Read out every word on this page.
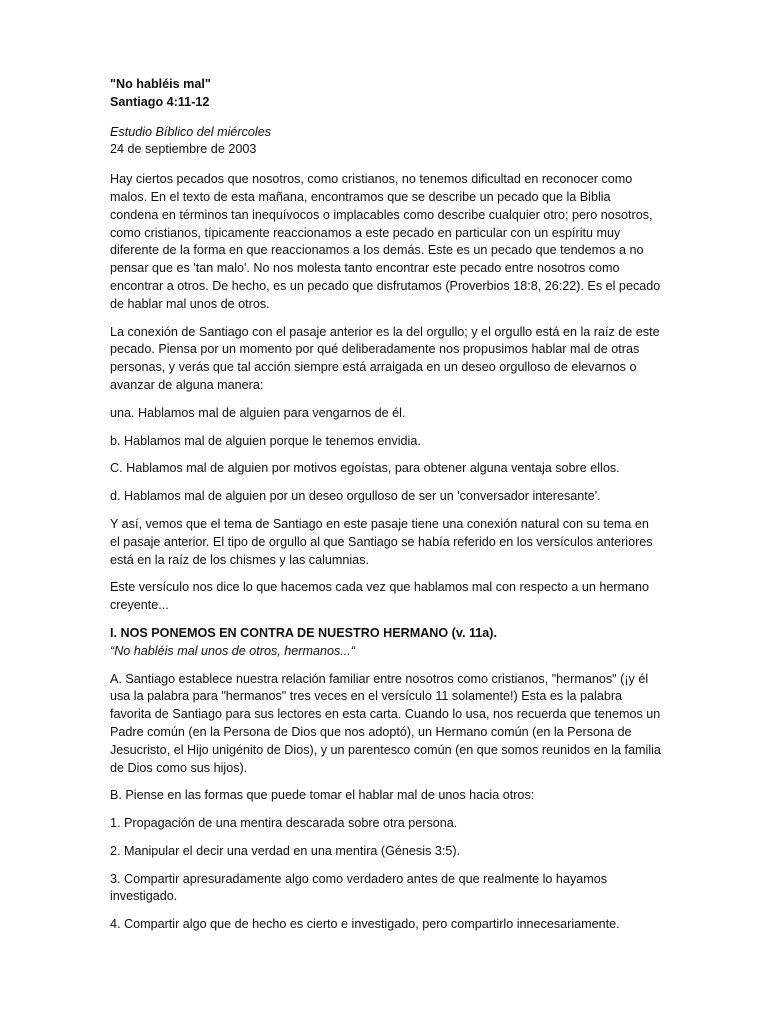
"No habléis mal"

Santiago 4:11-12

Estudio Bíblico del miércoles

24 de septiembre de 2003

Hay ciertos pecados que nosotros, como cristianos, no tenemos dificultad en reconocer como malos. En el texto de esta mañana, encontramos que se describe un pecado que la Biblia condena en términos tan inequívocos o implacables como describe cualquier otro; pero nosotros, como cristianos, típicamente reaccionamos a este pecado en particular con un espíritu muy diferente de la forma en que reaccionamos a los demás. Este es un pecado que tendemos a no pensar que es 'tan malo'. No nos molesta tanto encontrar este pecado entre nosotros como encontrar a otros. De hecho, es un pecado que disfrutamos (Proverbios 18:8, 26:22). Es el pecado de hablar mal unos de otros.

La conexión de Santiago con el pasaje anterior es la del orgullo; y el orgullo está en la raíz de este pecado. Piensa por un momento por qué deliberadamente nos propusimos hablar mal de otras personas, y verás que tal acción siempre está arraigada en un deseo orgulloso de elevarnos o avanzar de alguna manera:

una. Hablamos mal de alguien para vengarnos de él.

b. Hablamos mal de alguien porque le tenemos envidia.

C. Hablamos mal de alguien por motivos egoístas, para obtener alguna ventaja sobre ellos.

d. Hablamos mal de alguien por un deseo orgulloso de ser un 'conversador interesante'.

Y así, vemos que el tema de Santiago en este pasaje tiene una conexión natural con su tema en el pasaje anterior. El tipo de orgullo al que Santiago se había referido en los versículos anteriores está en la raíz de los chismes y las calumnias.

Este versículo nos dice lo que hacemos cada vez que hablamos mal con respecto a un hermano creyente...

I. NOS PONEMOS EN CONTRA DE NUESTRO HERMANO (v. 11a).

“No habléis mal unos de otros, hermanos...“

A. Santiago establece nuestra relación familiar entre nosotros como cristianos, "hermanos" (¡y él usa la palabra para "hermanos" tres veces en el versículo 11 solamente!) Esta es la palabra favorita de Santiago para sus lectores en esta carta. Cuando lo usa, nos recuerda que tenemos un Padre común (en la Persona de Dios que nos adoptó), un Hermano común (en la Persona de Jesucristo, el Hijo unigénito de Dios), y un parentesco común (en que somos reunidos en la familia de Dios como sus hijos).

B. Piense en las formas que puede tomar el hablar mal de unos hacia otros:

1. Propagación de una mentira descarada sobre otra persona.

2. Manipular el decir una verdad en una mentira (Génesis 3:5).

3. Compartir apresuradamente algo como verdadero antes de que realmente lo hayamos investigado.

4. Compartir algo que de hecho es cierto e investigado, pero compartirlo innecesariamente.
